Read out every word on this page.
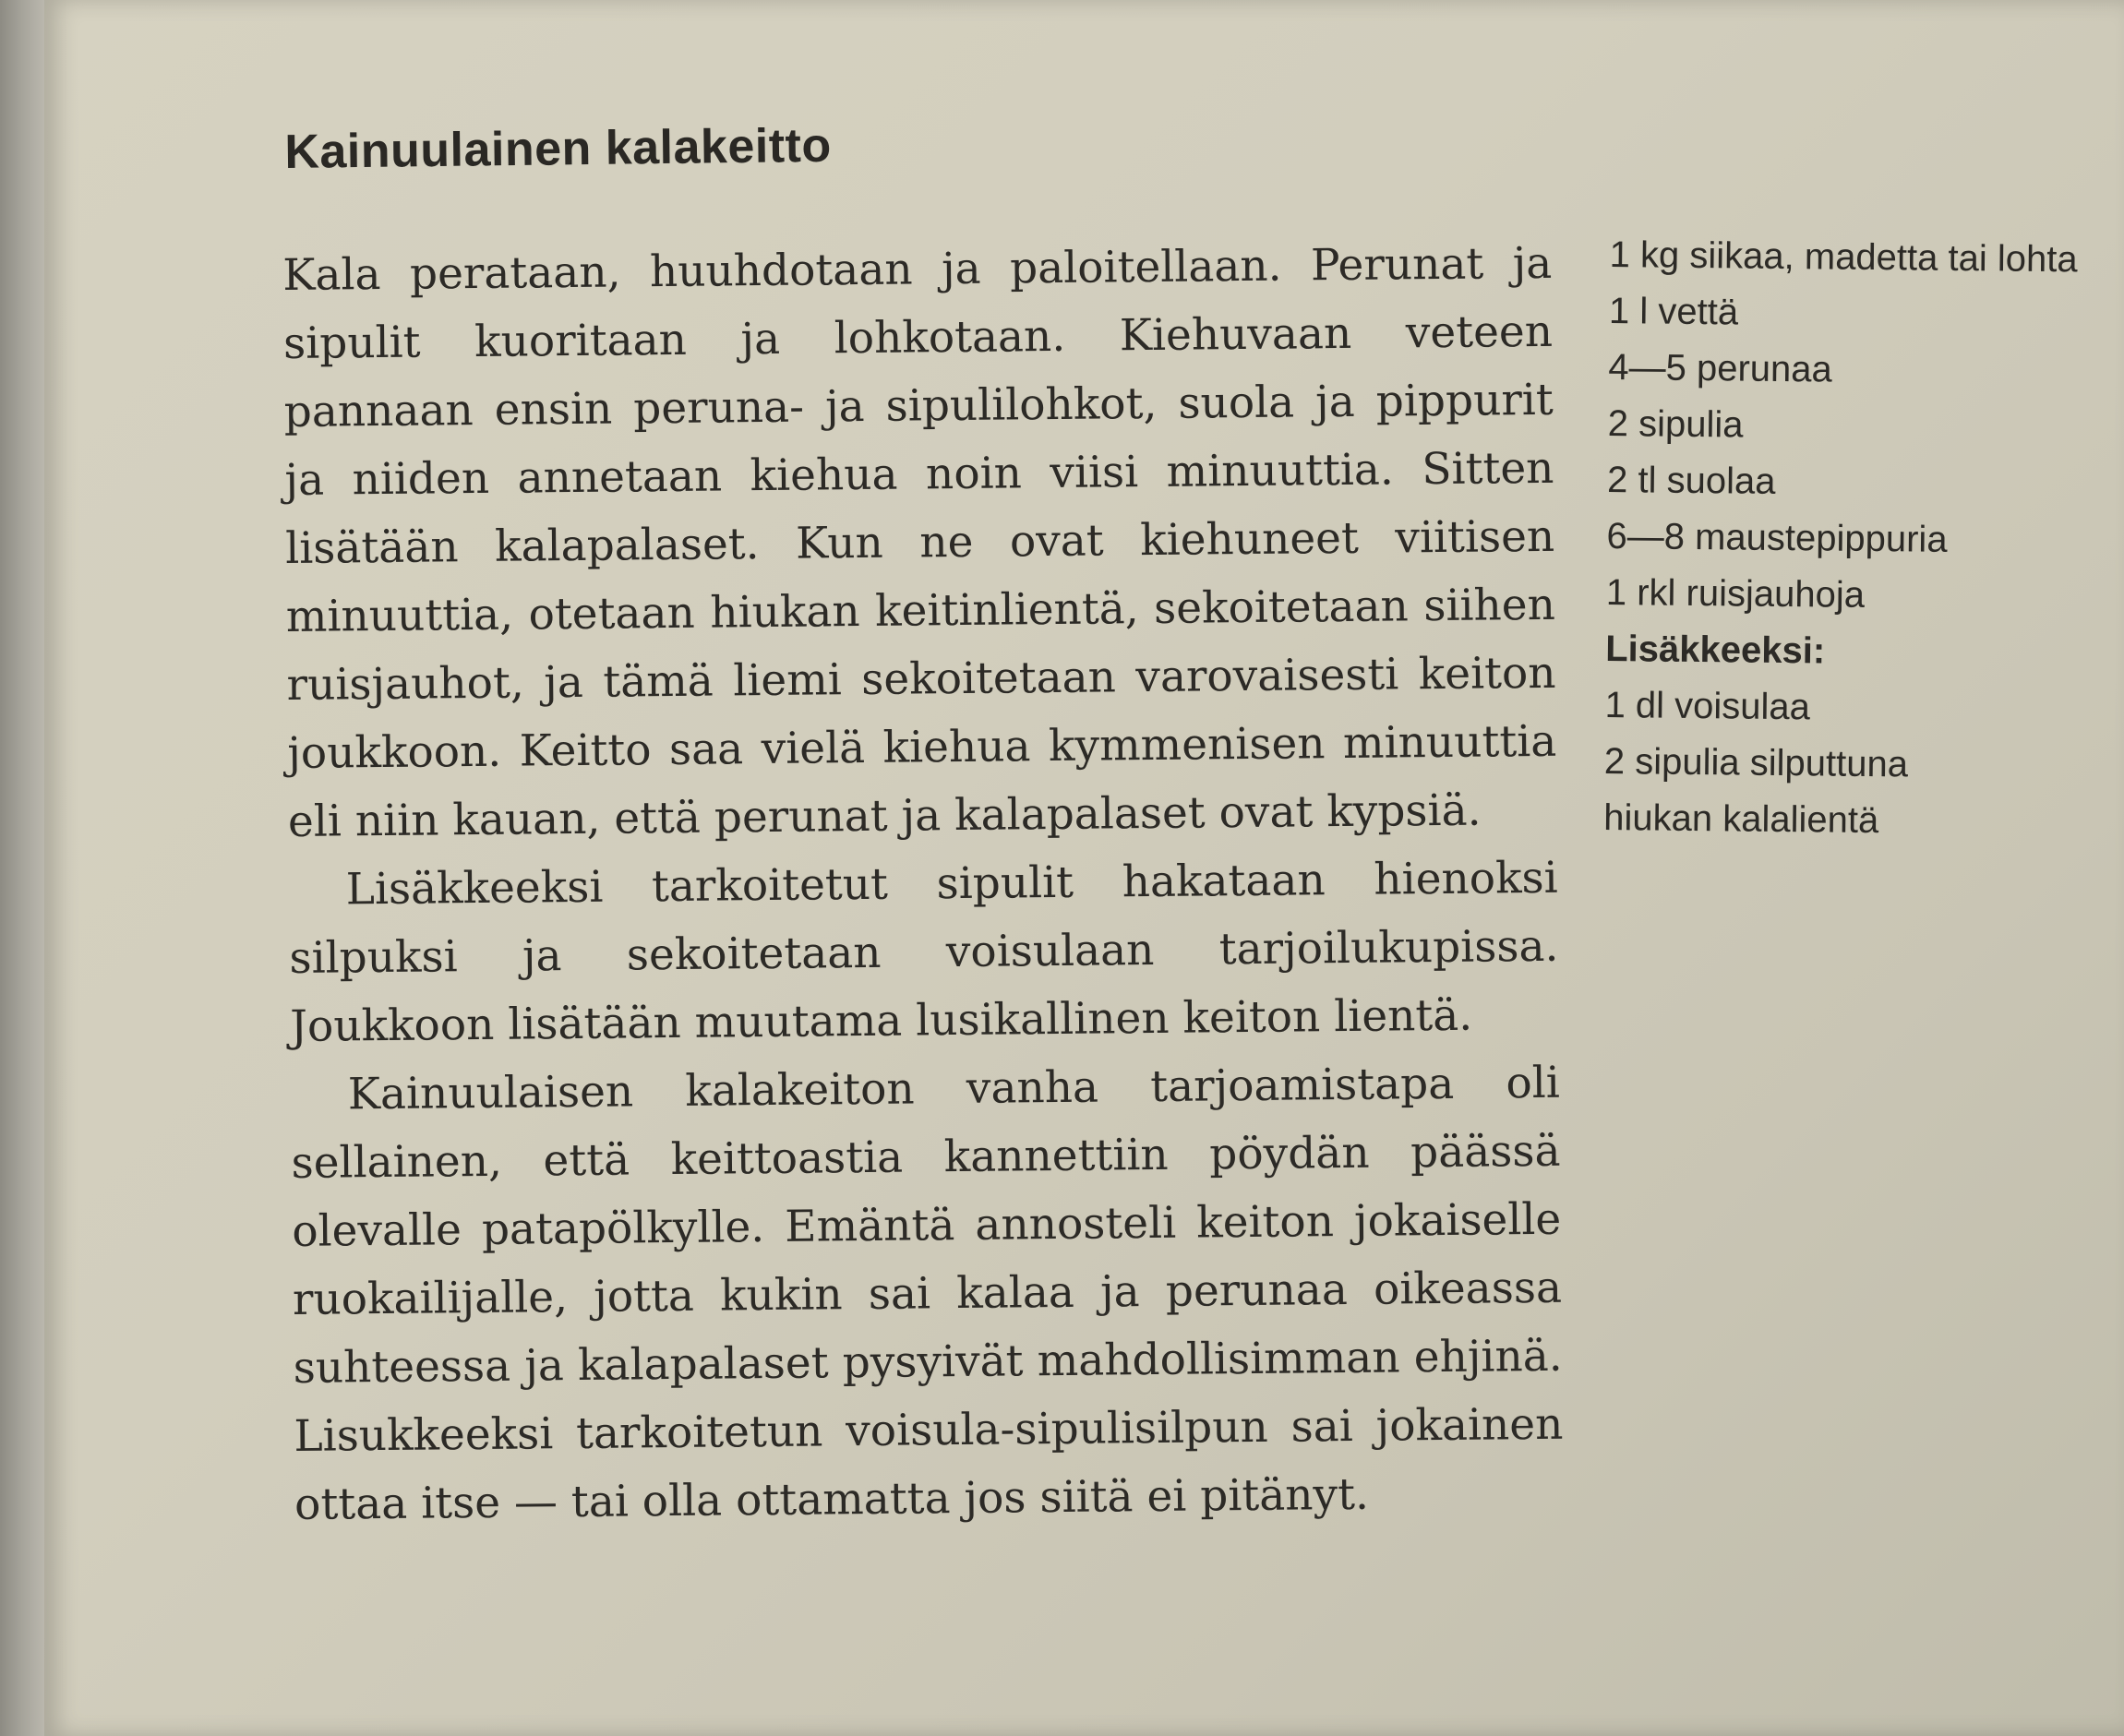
Kainuulainen kalakeitto

Kala perataan, huuhdotaan ja paloitellaan. Perunat ja sipulit kuoritaan ja lohkotaan. Kiehuvaan veteen pannaan ensin peruna- ja sipulilohkot, suola ja pippurit ja niiden annetaan kiehua noin viisi minuuttia. Sitten lisätään kalapalaset. Kun ne ovat kiehuneet viitisen minuuttia, otetaan hiukan keitinlientä, sekoitetaan siihen ruisjauhot, ja tämä liemi sekoitetaan varovaisesti keiton joukkoon. Keitto saa vielä kiehua kymmenisen minuuttia eli niin kauan, että perunat ja kalapalaset ovat kypsiä.

Lisäkkeeksi tarkoitetut sipulit hakataan hienoksi silpuksi ja sekoitetaan voisulaan tarjoilukupissa. Joukkoon lisätään muutama lusikallinen keiton lientä.

Kainuulaisen kalakeiton vanha tarjoamistapa oli sellainen, että keittoastia kannettiin pöydän päässä olevalle patapölkylle. Emäntä annosteli keiton jokaiselle ruokailijalle, jotta kukin sai kalaa ja perunaa oikeassa suhteessa ja kalapalaset pysyivät mahdollisimman ehjinä. Lisukkeeksi tarkoitetun voisula-sipulisilpun sai jokainen ottaa itse — tai olla ottamatta jos siitä ei pitänyt.

1 kg siikaa, madetta tai lohta
1 l vettä
4—5 perunaa
2 sipulia
2 tl suolaa
6—8 maustepippuria
1 rkl ruisjauhoja
Lisäkkeeksi:
1 dl voisulaa
2 sipulia silputtuna
hiukan kalalientä
